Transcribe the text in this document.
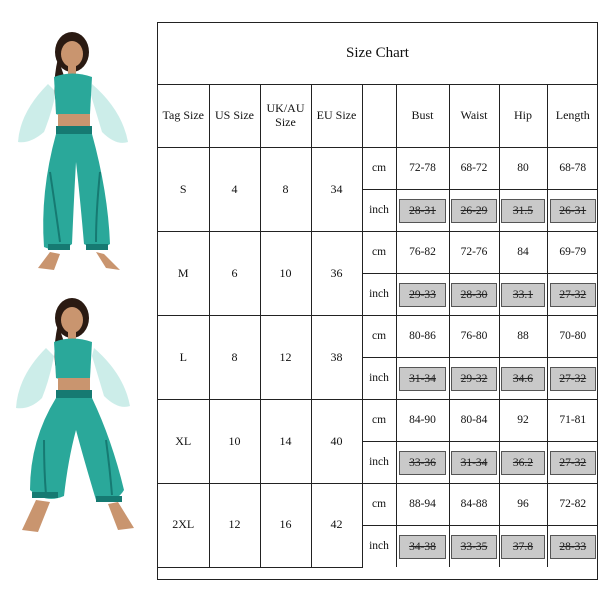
Size Chart
Tag Size	US Size	UK/AU Size	EU Size		Bust	Waist	Hip	Length
S	4	8	34	cm	72-78	68-72	80	68-78
				inch	28-31	26-29	31.5	26-31
M	6	10	36	cm	76-82	72-76	84	69-79
				inch	29-33	28-30	33.1	27-32
L	8	12	38	cm	80-86	76-80	88	70-80
				inch	31-34	29-32	34.6	27-32
XL	10	14	40	cm	84-90	80-84	92	71-81
				inch	33-36	31-34	36.2	27-32
2XL	12	16	42	cm	88-94	84-88	96	72-82
				inch	34-38	33-35	37.8	28-33
